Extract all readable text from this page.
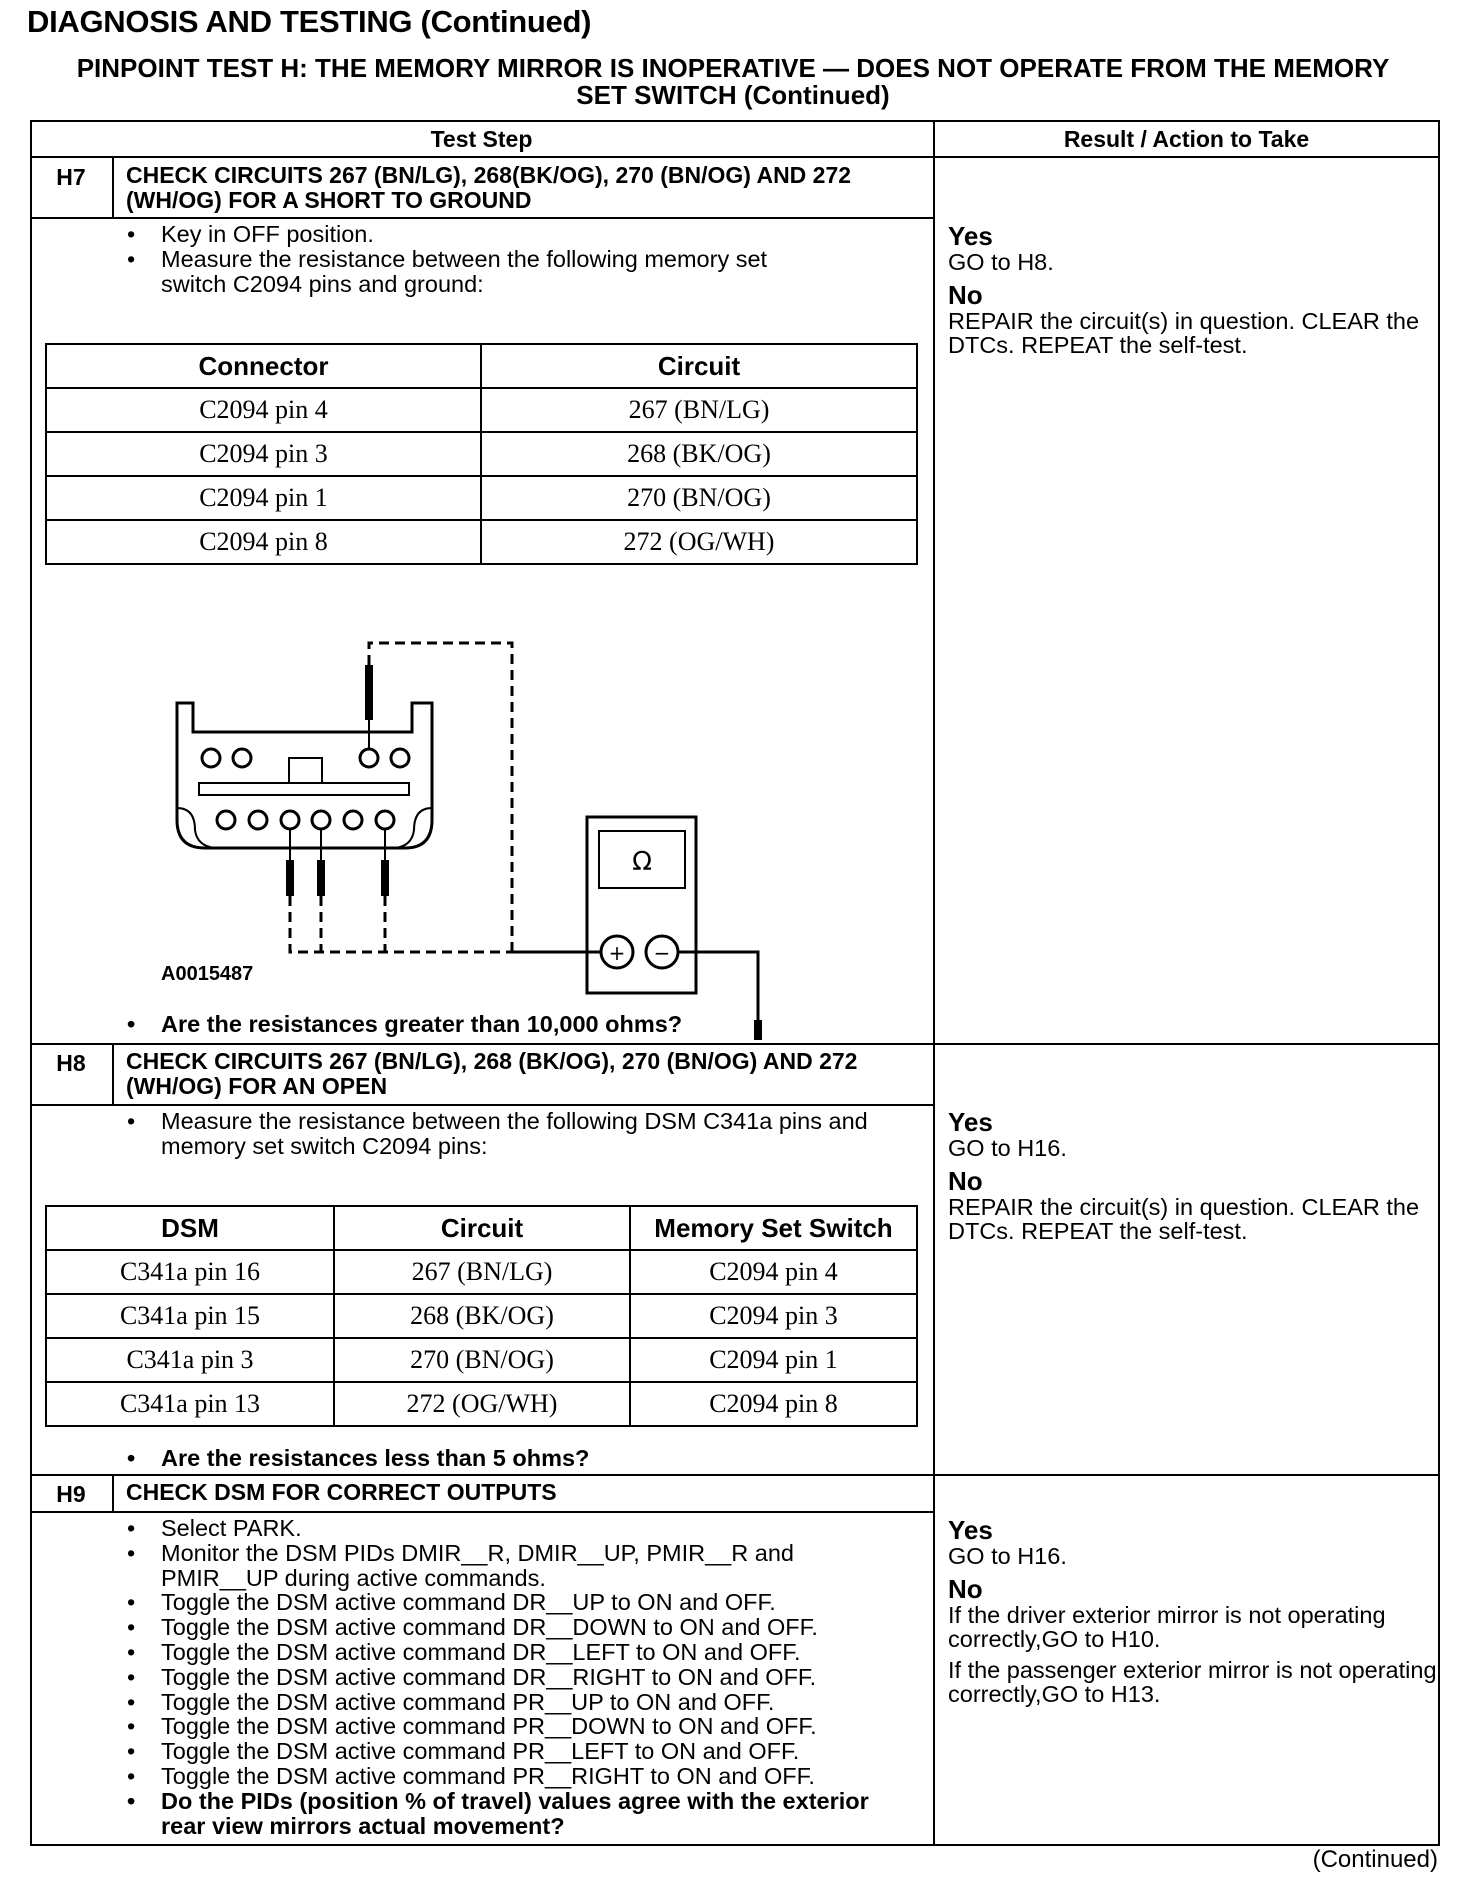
DIAGNOSIS AND TESTING (Continued)
PINPOINT TEST H: THE MEMORY MIRROR IS INOPERATIVE — DOES NOT OPERATE FROM THE MEMORY SET SWITCH (Continued)
Test Step	Result / Action to Take
H7	CHECK CIRCUITS 267 (BN/LG), 268(BK/OG), 270 (BN/OG) AND 272 (WH/OG) FOR A SHORT TO GROUND
• Key in OFF position.
• Measure the resistance between the following memory set switch C2094 pins and ground:
Connector	Circuit
C2094 pin 4	267 (BN/LG)
C2094 pin 3	268 (BK/OG)
C2094 pin 1	270 (BN/OG)
C2094 pin 8	272 (OG/WH)
Ω
+ −
A0015487
• Are the resistances greater than 10,000 ohms?
Yes

GO to H8.

No

REPAIR the circuit(s) in question. CLEAR the DTCs. REPEAT the self-test.

H8	CHECK CIRCUITS 267 (BN/LG), 268 (BK/OG), 270 (BN/OG) AND 272 (WH/OG) FOR AN OPEN
• Measure the resistance between the following DSM C341a pins and memory set switch C2094 pins:
DSM	Circuit	Memory Set Switch
C341a pin 16	267 (BN/LG)	C2094 pin 4
C341a pin 15	268 (BK/OG)	C2094 pin 3
C341a pin 3	270 (BN/OG)	C2094 pin 1
C341a pin 13	272 (OG/WH)	C2094 pin 8
• Are the resistances less than 5 ohms?
Yes

GO to H16.

No

REPAIR the circuit(s) in question. CLEAR the DTCs. REPEAT the self-test.

H9	CHECK DSM FOR CORRECT OUTPUTS
• Select PARK.
• Monitor the DSM PIDs DMIR__R, DMIR__UP, PMIR__R and PMIR__UP during active commands.
• Toggle the DSM active command DR__UP to ON and OFF.
• Toggle the DSM active command DR__DOWN to ON and OFF.
• Toggle the DSM active command DR__LEFT to ON and OFF.
• Toggle the DSM active command DR__RIGHT to ON and OFF.
• Toggle the DSM active command PR__UP to ON and OFF.
• Toggle the DSM active command PR__DOWN to ON and OFF.
• Toggle the DSM active command PR__LEFT to ON and OFF.
• Toggle the DSM active command PR__RIGHT to ON and OFF.
• Do the PIDs (position % of travel) values agree with the exterior rear view mirrors actual movement?
Yes

GO to H16.

No

If the driver exterior mirror is not operating correctly,GO to H10.

If the passenger exterior mirror is not operating correctly,GO to H13.

(Continued)
